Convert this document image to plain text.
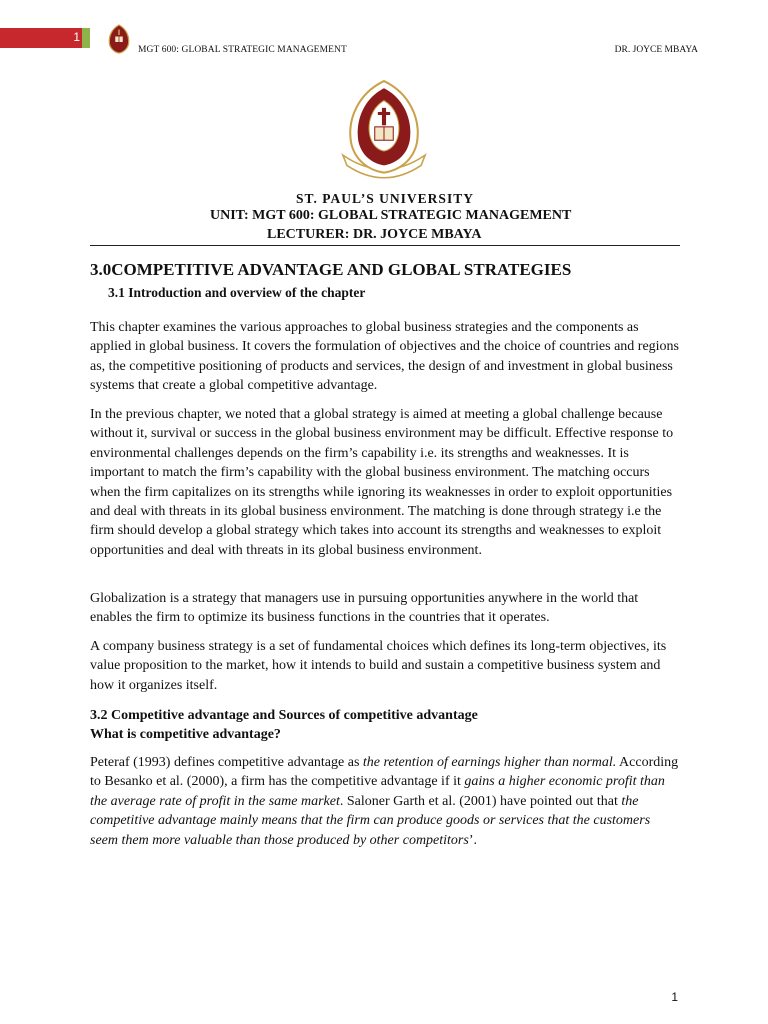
1
MGT 600: GLOBAL STRATEGIC MANAGEMENT	DR. JOYCE MBAYA
ST. PAUL’S UNIVERSITY
UNIT: MGT 600: GLOBAL STRATEGIC MANAGEMENT
LECTURER: DR. JOYCE MBAYA
3.0COMPETITIVE ADVANTAGE AND GLOBAL STRATEGIES
3.1 Introduction and overview of the chapter

This chapter examines the various approaches to global business strategies and the components as applied in global business. It covers the formulation of objectives and the choice of countries and regions as, the competitive positioning of products and services, the design of and investment in global business systems that create a global competitive advantage.

In the previous chapter, we noted that a global strategy is aimed at meeting a global challenge because without it, survival or success in the global business environment may be difficult. Effective response to environmental challenges depends on the firm’s capability i.e. its strengths and weaknesses. It is important to match the firm’s capability with the global business environment. The matching occurs when the firm capitalizes on its strengths while ignoring its weaknesses in order to exploit opportunities and deal with threats in its global business environment. The matching is done through strategy i.e the firm should develop a global strategy which takes into account its strengths and weaknesses to exploit opportunities and deal with threats in its global business environment.

Globalization is a strategy that managers use in pursuing opportunities anywhere in the world that enables the firm to optimize its business functions in the countries that it operates.

A company business strategy is a set of fundamental choices which defines its long-term objectives, its value proposition to the market, how it intends to build and sustain a competitive business system and how it organizes itself.

3.2 Competitive advantage and Sources of competitive advantage
What is competitive advantage?

Peteraf (1993) defines competitive advantage as the retention of earnings higher than normal. According to Besanko et al. (2000), a firm has the competitive advantage if it gains a higher economic profit than the average rate of profit in the same market. Saloner Garth et al. (2001) have pointed out that the competitive advantage mainly means that the firm can produce goods or services that the customers seem them more valuable than those produced by other competitors’.

1
